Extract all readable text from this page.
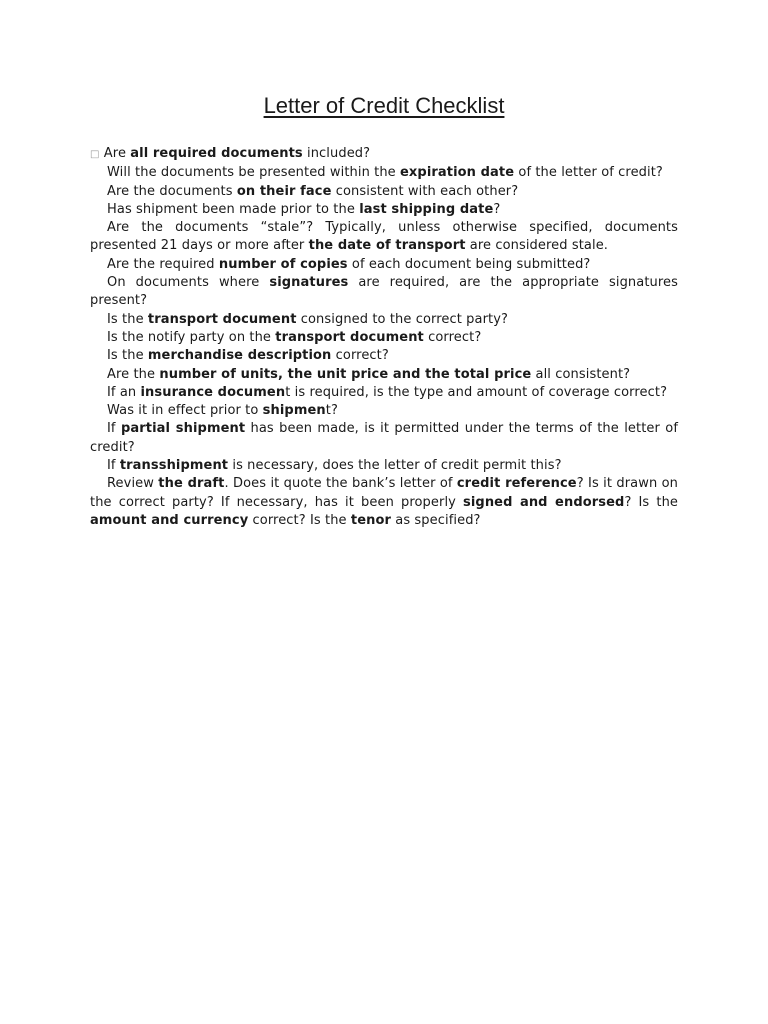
Letter of Credit Checklist

□ Are all required documents included?

Will the documents be presented within the expiration date of the letter of credit?

Are the documents on their face consistent with each other?

Has shipment been made prior to the last shipping date?

Are the documents “stale”? Typically, unless otherwise specified, documents presented 21 days or more after the date of transport are considered stale.

Are the required number of copies of each document being submitted?

On documents where signatures are required, are the appropriate signatures present?

Is the transport document consigned to the correct party?

Is the notify party on the transport document correct?

Is the merchandise description correct?

Are the number of units, the unit price and the total price all consistent?

If an insurance document is required, is the type and amount of coverage correct?

Was it in effect prior to shipment?

If partial shipment has been made, is it permitted under the terms of the letter of credit?

If transshipment is necessary, does the letter of credit permit this?

Review the draft. Does it quote the bank’s letter of credit reference? Is it drawn on the correct party? If necessary, has it been properly signed and endorsed? Is the amount and currency correct? Is the tenor as specified?
